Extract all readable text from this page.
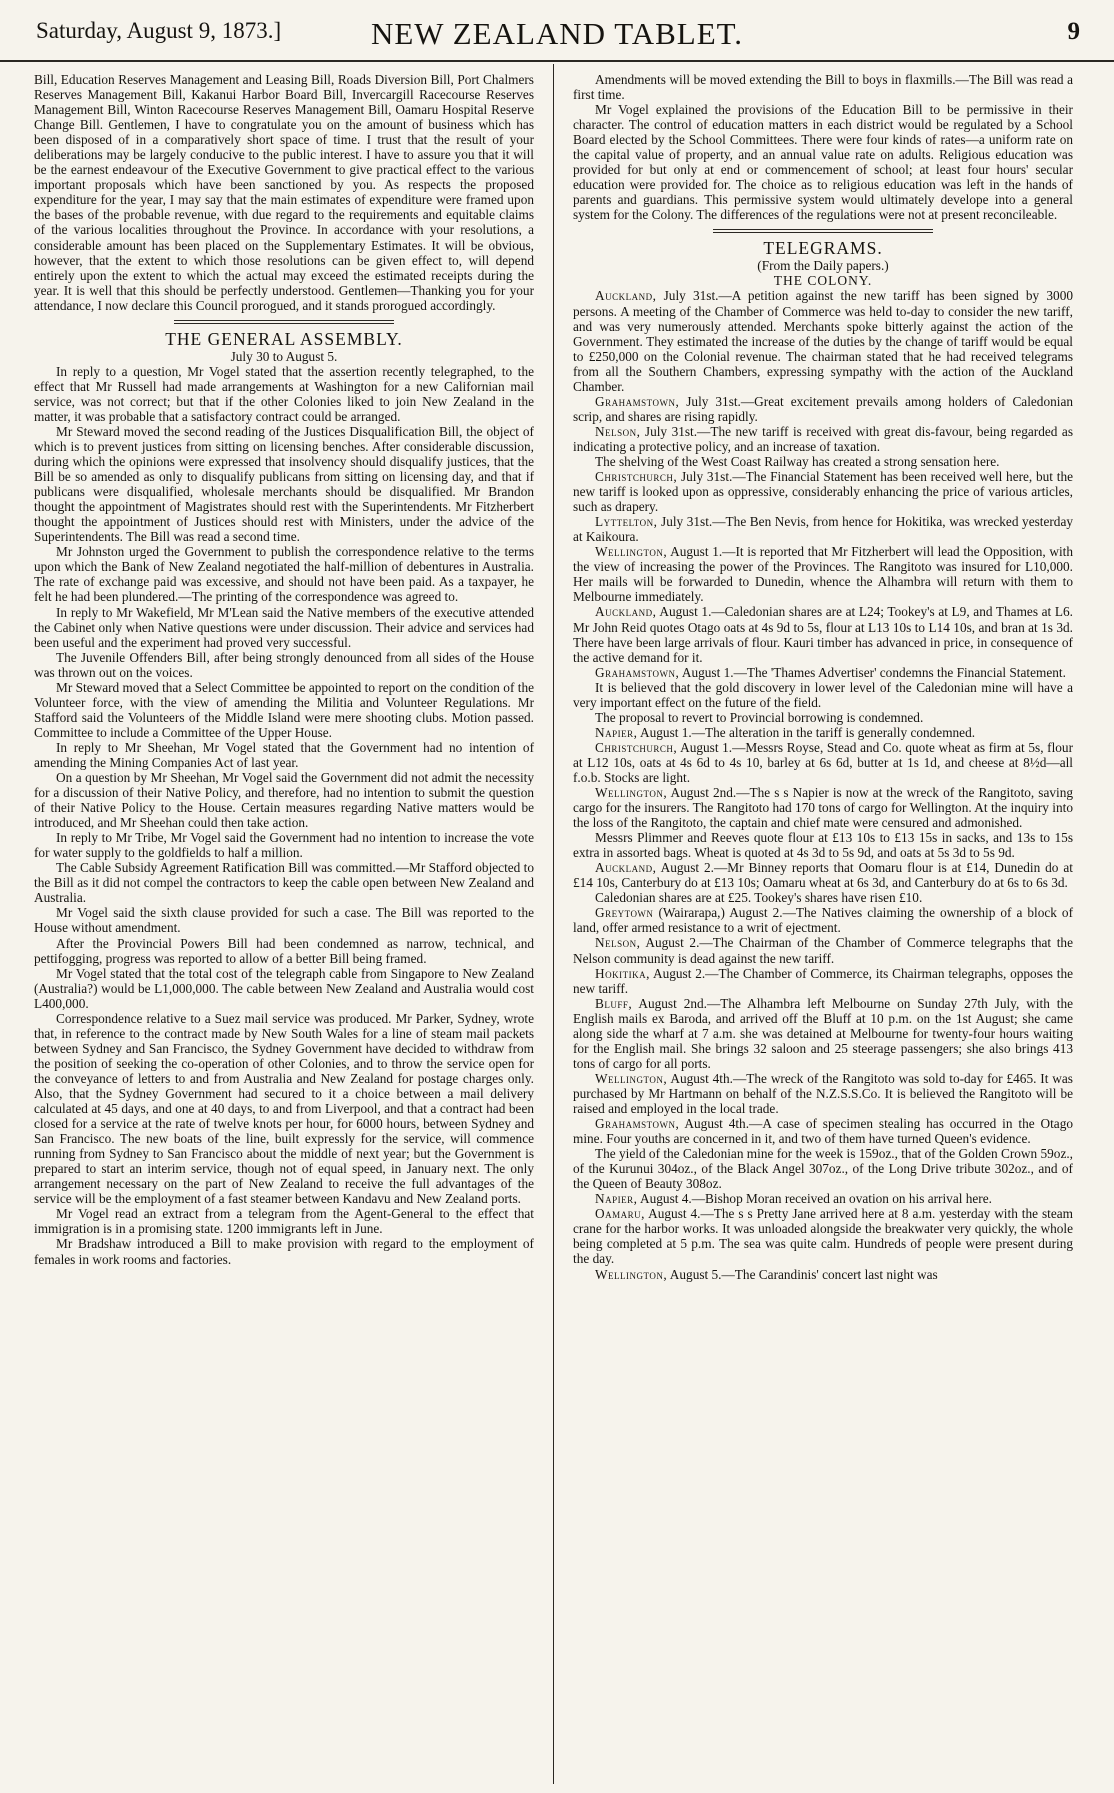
Saturday, August 9, 1873.]	NEW ZEALAND TABLET.	9

Bill, Education Reserves Management and Leasing Bill, Roads Diversion Bill, Port Chalmers Reserves Management Bill, Kakanui Harbor Board Bill, Invercargill Racecourse Reserves Management Bill, Winton Racecourse Reserves Management Bill, Oamaru Hospital Reserve Change Bill. Gentlemen, I have to congratulate you on the amount of business which has been disposed of in a comparatively short space of time. I trust that the result of your deliberations may be largely conducive to the public interest. I have to assure you that it will be the earnest endeavour of the Executive Government to give practical effect to the various important proposals which have been sanctioned by you. As respects the proposed expenditure for the year, I may say that the main estimates of expenditure were framed upon the bases of the probable revenue, with due regard to the requirements and equitable claims of the various localities throughout the Province. In accordance with your resolutions, a considerable amount has been placed on the Supplementary Estimates. It will be obvious, however, that the extent to which those resolutions can be given effect to, will depend entirely upon the extent to which the actual may exceed the estimated receipts during the year. It is well that this should be perfectly understood. Gentlemen—Thanking you for your attendance, I now declare this Council prorogued, and it stands prorogued accordingly.

THE GENERAL ASSEMBLY.
July 30 to August 5.

In reply to a question, Mr Vogel stated that the assertion recently telegraphed, to the effect that Mr Russell had made arrangements at Washington for a new Californian mail service, was not correct; but that if the other Colonies liked to join New Zealand in the matter, it was probable that a satisfactory contract could be arranged.

Mr Steward moved the second reading of the Justices Disqualification Bill, the object of which is to prevent justices from sitting on licensing benches. After considerable discussion, during which the opinions were expressed that insolvency should disqualify justices, that the Bill be so amended as only to disqualify publicans from sitting on licensing day, and that if publicans were disqualified, wholesale merchants should be disqualified. Mr Brandon thought the appointment of Magistrates should rest with the Superintendents. Mr Fitzherbert thought the appointment of Justices should rest with Ministers, under the advice of the Superintendents. The Bill was read a second time.

Mr Johnston urged the Government to publish the correspondence relative to the terms upon which the Bank of New Zealand negotiated the half-million of debentures in Australia. The rate of exchange paid was excessive, and should not have been paid. As a taxpayer, he felt he had been plundered.—The printing of the correspondence was agreed to.

In reply to Mr Wakefield, Mr M'Lean said the Native members of the executive attended the Cabinet only when Native questions were under discussion. Their advice and services had been useful and the experiment had proved very successful.

The Juvenile Offenders Bill, after being strongly denounced from all sides of the House was thrown out on the voices.

Mr Steward moved that a Select Committee be appointed to report on the condition of the Volunteer force, with the view of amending the Militia and Volunteer Regulations. Mr Stafford said the Volunteers of the Middle Island were mere shooting clubs. Motion passed. Committee to include a Committee of the Upper House.

In reply to Mr Sheehan, Mr Vogel stated that the Government had no intention of amending the Mining Companies Act of last year.

On a question by Mr Sheehan, Mr Vogel said the Government did not admit the necessity for a discussion of their Native Policy, and therefore, had no intention to submit the question of their Native Policy to the House. Certain measures regarding Native matters would be introduced, and Mr Sheehan could then take action.

In reply to Mr Tribe, Mr Vogel said the Government had no intention to increase the vote for water supply to the goldfields to half a million.

The Cable Subsidy Agreement Ratification Bill was committed.—Mr Stafford objected to the Bill as it did not compel the contractors to keep the cable open between New Zealand and Australia.

Mr Vogel said the sixth clause provided for such a case. The Bill was reported to the House without amendment.

After the Provincial Powers Bill had been condemned as narrow, technical, and pettifogging, progress was reported to allow of a better Bill being framed.

Mr Vogel stated that the total cost of the telegraph cable from Singapore to New Zealand (Australia?) would be L1,000,000. The cable between New Zealand and Australia would cost L400,000.

Correspondence relative to a Suez mail service was produced. Mr Parker, Sydney, wrote that, in reference to the contract made by New South Wales for a line of steam mail packets between Sydney and San Francisco, the Sydney Government have decided to withdraw from the position of seeking the co-operation of other Colonies, and to throw the service open for the conveyance of letters to and from Australia and New Zealand for postage charges only. Also, that the Sydney Government had secured to it a choice between a mail delivery calculated at 45 days, and one at 40 days, to and from Liverpool, and that a contract had been closed for a service at the rate of twelve knots per hour, for 6000 hours, between Sydney and San Francisco. The new boats of the line, built expressly for the service, will commence running from Sydney to San Francisco about the middle of next year; but the Government is prepared to start an interim service, though not of equal speed, in January next. The only arrangement necessary on the part of New Zealand to receive the full advantages of the service will be the employment of a fast steamer between Kandavu and New Zealand ports.

Mr Vogel read an extract from a telegram from the Agent-General to the effect that immigration is in a promising state. 1200 immigrants left in June.

Mr Bradshaw introduced a Bill to make provision with regard to the employment of females in work rooms and factories.

Amendments will be moved extending the Bill to boys in flaxmills.—The Bill was read a first time.

Mr Vogel explained the provisions of the Education Bill to be permissive in their character. The control of education matters in each district would be regulated by a School Board elected by the School Committees. There were four kinds of rates—a uniform rate on the capital value of property, and an annual value rate on adults. Religious education was provided for but only at end or commencement of school; at least four hours' secular education were provided for. The choice as to religious education was left in the hands of parents and guardians. This permissive system would ultimately develope into a general system for the Colony. The differences of the regulations were not at present reconcileable.

TELEGRAMS.
(From the Daily papers.)
THE COLONY.

Auckland, July 31st.—A petition against the new tariff has been signed by 3000 persons. A meeting of the Chamber of Commerce was held to-day to consider the new tariff, and was very numerously attended. Merchants spoke bitterly against the action of the Government. They estimated the increase of the duties by the change of tariff would be equal to £250,000 on the Colonial revenue. The chairman stated that he had received telegrams from all the Southern Chambers, expressing sympathy with the action of the Auckland Chamber.

Grahamstown, July 31st.—Great excitement prevails among holders of Caledonian scrip, and shares are rising rapidly.

Nelson, July 31st.—The new tariff is received with great dis-favour, being regarded as indicating a protective policy, and an increase of taxation.

The shelving of the West Coast Railway has created a strong sensation here.

Christchurch, July 31st.—The Financial Statement has been received well here, but the new tariff is looked upon as oppressive, considerably enhancing the price of various articles, such as drapery.

Lyttelton, July 31st.—The Ben Nevis, from hence for Hokitika, was wrecked yesterday at Kaikoura.

Wellington, August 1.—It is reported that Mr Fitzherbert will lead the Opposition, with the view of increasing the power of the Provinces. The Rangitoto was insured for L10,000. Her mails will be forwarded to Dunedin, whence the Alhambra will return with them to Melbourne immediately.

Auckland, August 1.—Caledonian shares are at L24; Tookey's at L9, and Thames at L6. Mr John Reid quotes Otago oats at 4s 9d to 5s, flour at L13 10s to L14 10s, and bran at 1s 3d. There have been large arrivals of flour. Kauri timber has advanced in price, in consequence of the active demand for it.

Grahamstown, August 1.—The 'Thames Advertiser' condemns the Financial Statement.

It is believed that the gold discovery in lower level of the Caledonian mine will have a very important effect on the future of the field.

The proposal to revert to Provincial borrowing is condemned.

Napier, August 1.—The alteration in the tariff is generally condemned.

Christchurch, August 1.—Messrs Royse, Stead and Co. quote wheat as firm at 5s, flour at L12 10s, oats at 4s 6d to 4s 10, barley at 6s 6d, butter at 1s 1d, and cheese at 8½d—all f.o.b. Stocks are light.

Wellington, August 2nd.—The s s Napier is now at the wreck of the Rangitoto, saving cargo for the insurers. The Rangitoto had 170 tons of cargo for Wellington. At the inquiry into the loss of the Rangitoto, the captain and chief mate were censured and admonished.

Messrs Plimmer and Reeves quote flour at £13 10s to £13 15s in sacks, and 13s to 15s extra in assorted bags. Wheat is quoted at 4s 3d to 5s 9d, and oats at 5s 3d to 5s 9d.

Auckland, August 2.—Mr Binney reports that Oomaru flour is at £14, Dunedin do at £14 10s, Canterbury do at £13 10s; Oamaru wheat at 6s 3d, and Canterbury do at 6s to 6s 3d.

Caledonian shares are at £25. Tookey's shares have risen £10.

Greytown (Wairarapa,) August 2.—The Natives claiming the ownership of a block of land, offer armed resistance to a writ of ejectment.

Nelson, August 2.—The Chairman of the Chamber of Commerce telegraphs that the Nelson community is dead against the new tariff.

Hokitika, August 2.—The Chamber of Commerce, its Chairman telegraphs, opposes the new tariff.

Bluff, August 2nd.—The Alhambra left Melbourne on Sunday 27th July, with the English mails ex Baroda, and arrived off the Bluff at 10 p.m. on the 1st August; she came along side the wharf at 7 a.m. she was detained at Melbourne for twenty-four hours waiting for the English mail. She brings 32 saloon and 25 steerage passengers; she also brings 413 tons of cargo for all ports.

Wellington, August 4th.—The wreck of the Rangitoto was sold to-day for £465. It was purchased by Mr Hartmann on behalf of the N.Z.S.S.Co. It is believed the Rangitoto will be raised and employed in the local trade.

Grahamstown, August 4th.—A case of specimen stealing has occurred in the Otago mine. Four youths are concerned in it, and two of them have turned Queen's evidence.

The yield of the Caledonian mine for the week is 159oz., that of the Golden Crown 59oz., of the Kurunui 304oz., of the Black Angel 307oz., of the Long Drive tribute 302oz., and of the Queen of Beauty 308oz.

Napier, August 4.—Bishop Moran received an ovation on his arrival here.

Oamaru, August 4.—The s s Pretty Jane arrived here at 8 a.m. yesterday with the steam crane for the harbor works. It was unloaded alongside the breakwater very quickly, the whole being completed at 5 p.m. The sea was quite calm. Hundreds of people were present during the day.

Wellington, August 5.—The Carandinis' concert last night was
